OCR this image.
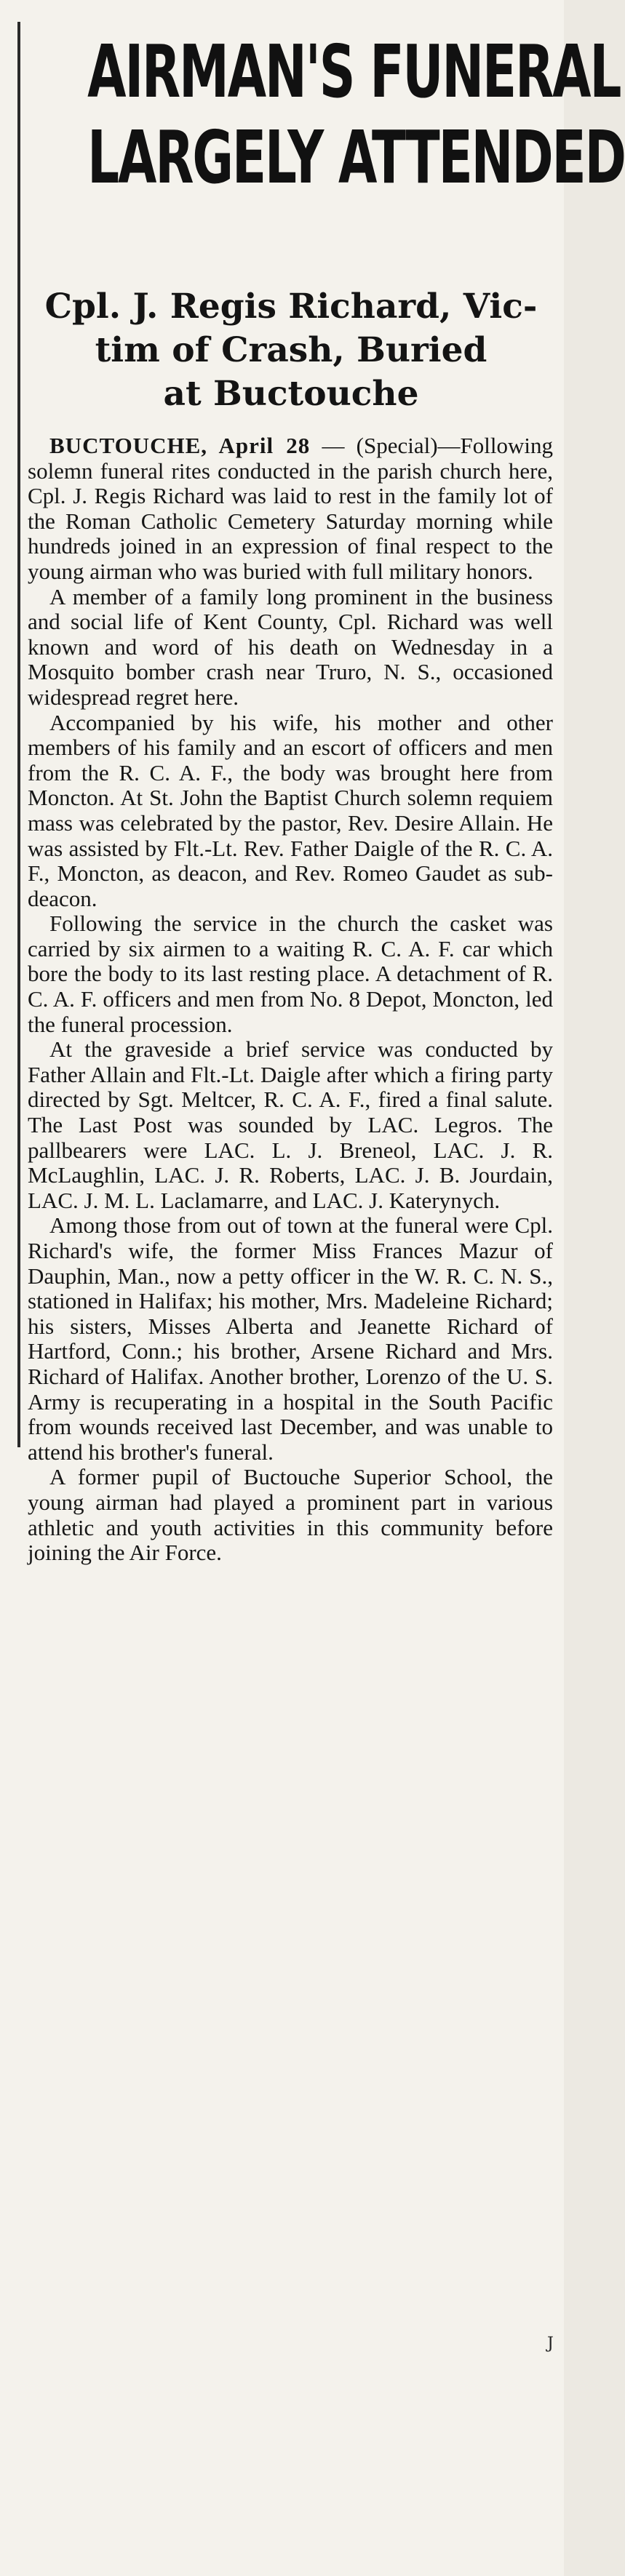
AIRMAN'S FUNERAL
LARGELY ATTENDED
Cpl. J. Regis Richard, Vic-
tim of Crash, Buried
at Buctouche

BUCTOUCHE, April 28 — (Special)—Following solemn funeral rites conducted in the parish church here, Cpl. J. Regis Richard was laid to rest in the family lot of the Roman Catholic Cemetery Saturday morning while hundreds joined in an expression of final respect to the young airman who was buried with full military honors.

A member of a family long prominent in the business and social life of Kent County, Cpl. Richard was well known and word of his death on Wednesday in a Mosquito bomber crash near Truro, N. S., occasioned widespread regret here.

Accompanied by his wife, his mother and other members of his family and an escort of officers and men from the R. C. A. F., the body was brought here from Moncton. At St. John the Baptist Church solemn requiem mass was celebrated by the pastor, Rev. Desire Allain. He was assisted by Flt.-Lt. Rev. Father Daigle of the R. C. A. F., Moncton, as deacon, and Rev. Romeo Gaudet as sub-deacon.

Following the service in the church the casket was carried by six airmen to a waiting R. C. A. F. car which bore the body to its last resting place. A detachment of R. C. A. F. officers and men from No. 8 Depot, Moncton, led the funeral procession.

At the graveside a brief service was conducted by Father Allain and Flt.-Lt. Daigle after which a firing party directed by Sgt. Meltcer, R. C. A. F., fired a final salute. The Last Post was sounded by LAC. Legros. The pallbearers were LAC. L. J. Breneol, LAC. J. R. McLaughlin, LAC. J. R. Roberts, LAC. J. B. Jourdain, LAC. J. M. L. Laclamarre, and LAC. J. Katerynych.

Among those from out of town at the funeral were Cpl. Richard's wife, the former Miss Frances Mazur of Dauphin, Man., now a petty officer in the W. R. C. N. S., stationed in Halifax; his mother, Mrs. Madeleine Richard; his sisters, Misses Alberta and Jeanette Richard of Hartford, Conn.; his brother, Arsene Richard and Mrs. Richard of Halifax. Another brother, Lorenzo of the U. S. Army is recuperating in a hospital in the South Pacific from wounds received last December, and was unable to attend his brother's funeral.

A former pupil of Buctouche Superior School, the young airman had played a prominent part in various athletic and youth activities in this community before joining the Air Force.

J
